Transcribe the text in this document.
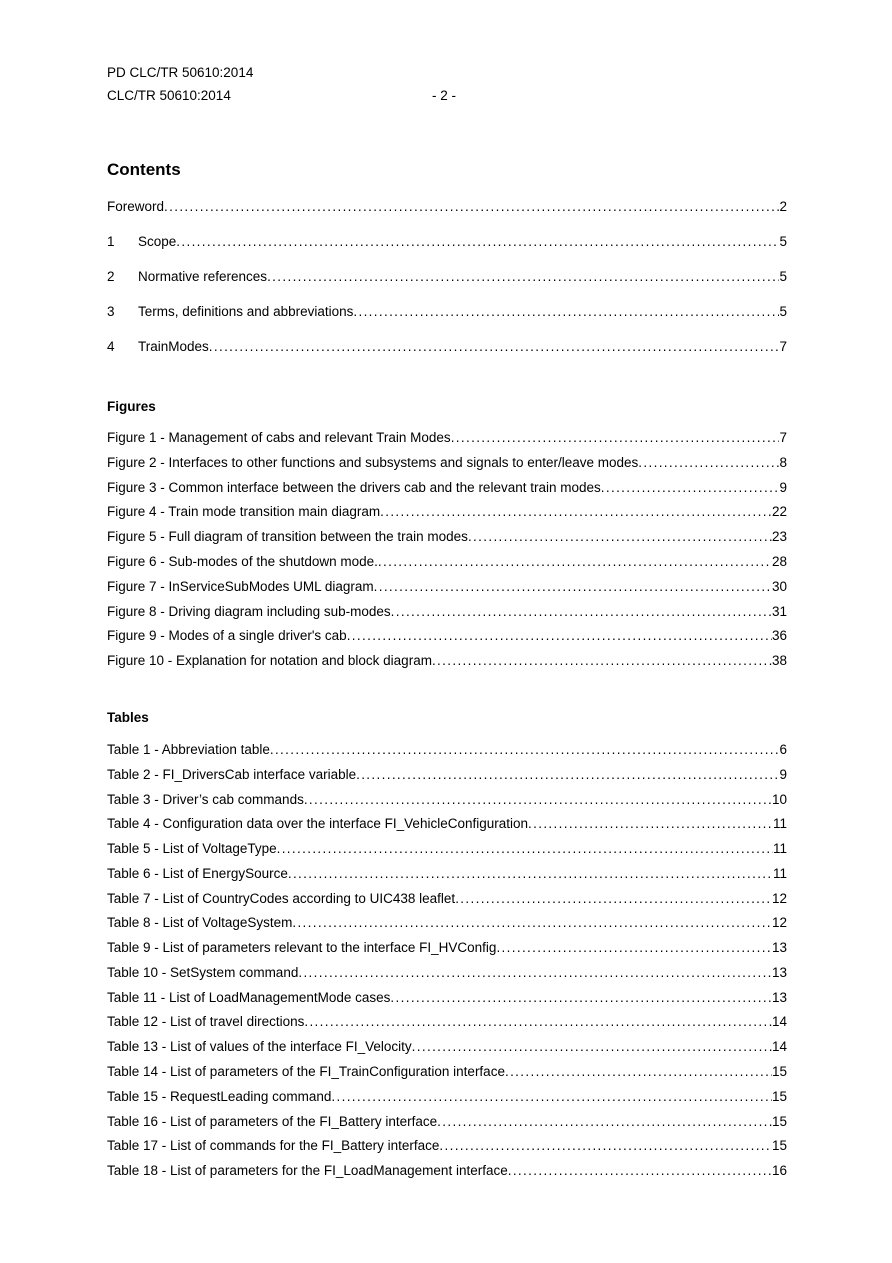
PD CLC/TR 50610:2014
CLC/TR 50610:2014	- 2 -
Contents
Foreword . . .	2
1	Scope . . .	5
2	Normative references . . .	5
3	Terms, definitions and abbreviations . . .	5
4	TrainModes . . .	7
Figures
Figure 1 - Management of cabs and relevant Train Modes . . .	7
Figure 2 - Interfaces to other functions and subsystems and signals to enter/leave modes . . .	8
Figure 3 - Common interface between the drivers cab and the relevant train modes . . .	9
Figure 4 - Train mode transition main diagram . . .	22
Figure 5 - Full diagram of transition between the train modes . . .	23
Figure 6 - Sub-modes of the shutdown mode. . . .	28
Figure 7 - InServiceSubModes UML diagram . . .	30
Figure 8 - Driving diagram including sub-modes . . .	31
Figure 9 - Modes of a single driver's cab . . .	36
Figure 10 - Explanation for notation and block diagram . . .	38
Tables
Table 1 - Abbreviation table . . .	6
Table 2 - FI_DriversCab interface variable . . .	9
Table 3 - Driver’s cab commands . . .	10
Table 4 - Configuration data over the interface FI_VehicleConfiguration . . .	11
Table 5 - List of VoltageType . . .	11
Table 6 - List of EnergySource . . .	11
Table 7 - List of CountryCodes according to UIC438 leaflet . . .	12
Table 8 - List of VoltageSystem . . .	12
Table 9 - List of parameters relevant to the interface FI_HVConfig . . .	13
Table 10 - SetSystem command . . .	13
Table 11 - List of LoadManagementMode cases . . .	13
Table 12 - List of travel directions . . .	14
Table 13 - List of values of the interface FI_Velocity . . .	14
Table 14 - List of parameters of the FI_TrainConfiguration interface . . .	15
Table 15 - RequestLeading command . . .	15
Table 16 - List of parameters of the FI_Battery interface . . .	15
Table 17 - List of commands for the FI_Battery interface . . .	15
Table 18 - List of parameters for the FI_LoadManagement interface . . .	16
